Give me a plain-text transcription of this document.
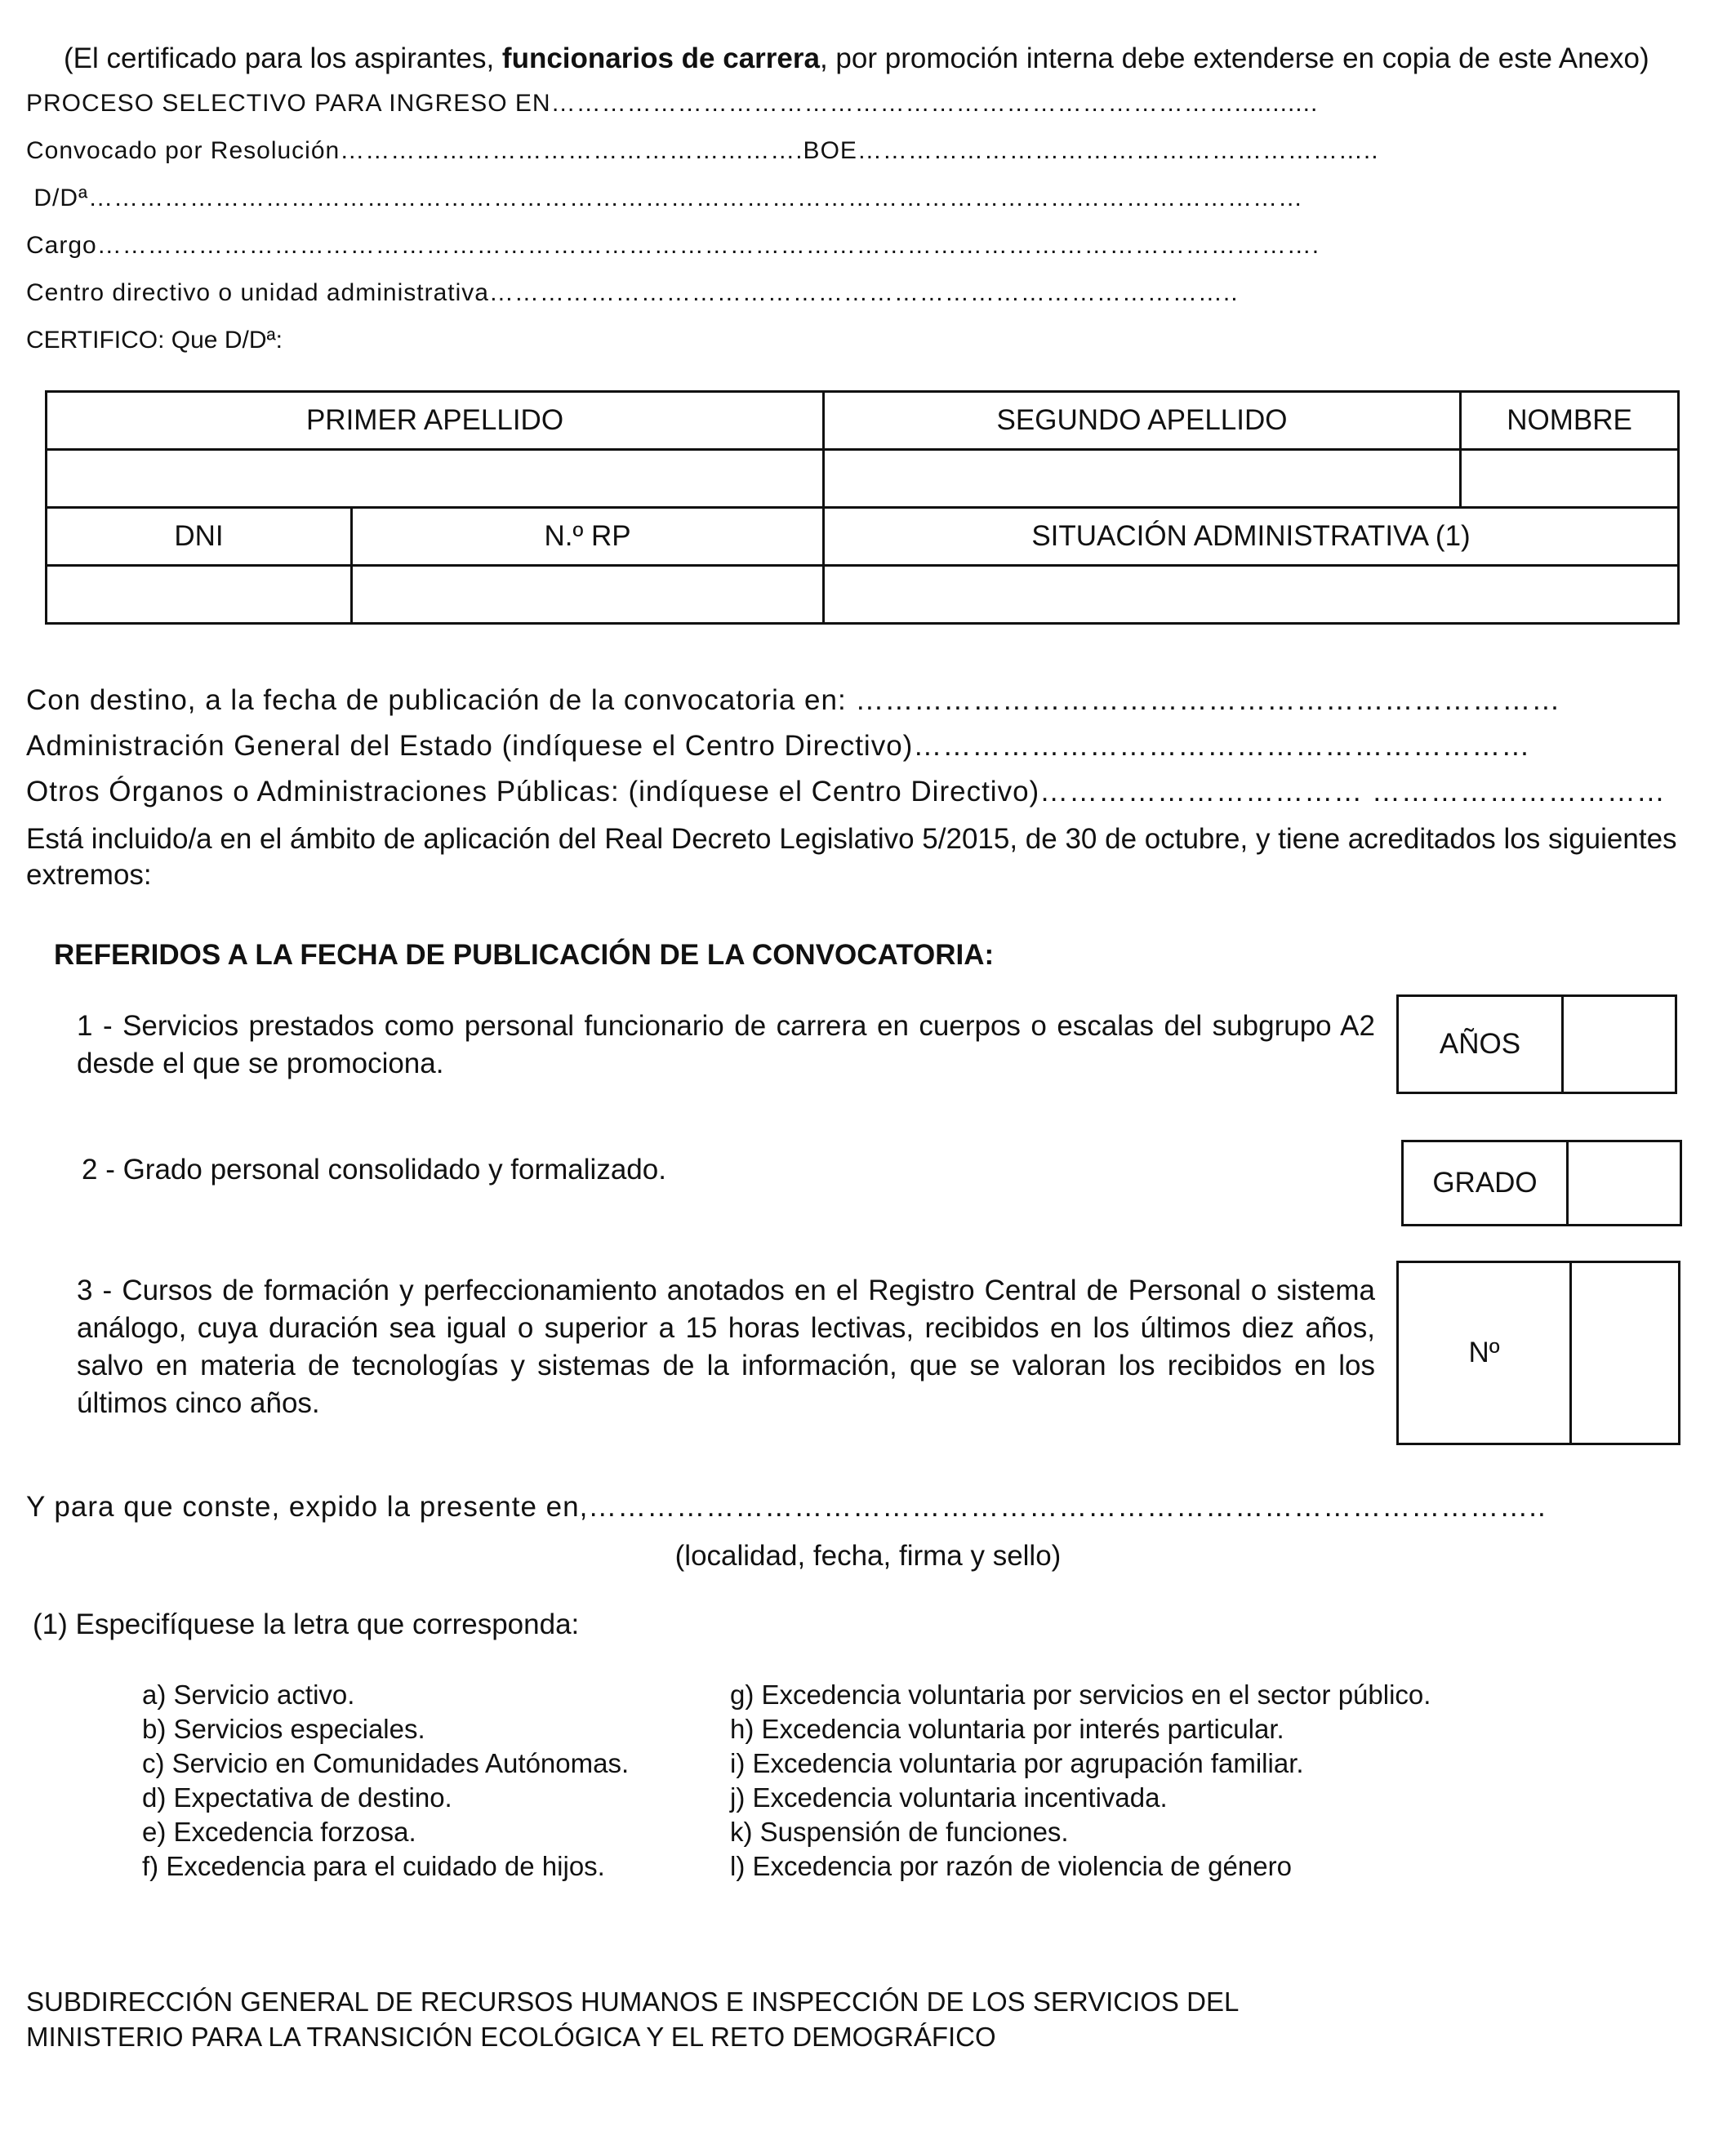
(El certificado para los aspirantes, funcionarios de carrera, por promoción interna debe extenderse en copia de este Anexo)
PROCESO SELECTIVO PARA INGRESO EN………………………………………………………………………...........
Convocado por Resolución……………………………………………….BOE……………………………………………………..
D/Dª………………………………………………………………………………………………………………………………
Cargo……………………………………………………………………………………………………………………………….
Centro directivo o unidad administrativa……………………………………………………………………………..
CERTIFICO: Que D/Dª:
PRIMER APELLIDO		SEGUNDO APELLIDO	NOMBRE

DNI	N.º RP	SITUACIÓN ADMINISTRATIVA (1)	

Con destino, a la fecha de publicación de la convocatoria en: ………………………………………………………………
Administración General del Estado (indíquese el Centro Directivo)………………………………………………………
Otros Órganos o Administraciones Públicas: (indíquese el Centro Directivo)…………………………… …………………………
Está incluido/a en el ámbito de aplicación del Real Decreto Legislativo 5/2015, de 30 de octubre, y tiene acreditados los siguientes extremos:
REFERIDOS A LA FECHA DE PUBLICACIÓN DE LA CONVOCATORIA:
1 - Servicios prestados como personal funcionario de carrera en cuerpos o escalas del subgrupo A2 desde el que se promociona.
AÑOS
2 - Grado personal consolidado y formalizado.	GRADO
3 - Cursos de formación y perfeccionamiento anotados en el Registro Central de Personal o sistema análogo, cuya duración sea igual o superior a 15 horas lectivas, recibidos en los últimos diez años, salvo en materia de tecnologías y sistemas de la información, que se valoran los recibidos en los últimos cinco años.
Nº
Y para que conste, expido la presente en,……………………………………………………………………………………..
(localidad, fecha, firma y sello)
(1) Especifíquese la letra que corresponda:
a) Servicio activo.
b) Servicios especiales.
c) Servicio en Comunidades Autónomas.
d) Expectativa de destino.
e) Excedencia forzosa.
f) Excedencia para el cuidado de hijos.
g) Excedencia voluntaria por servicios en el sector público.
h) Excedencia voluntaria por interés particular.
i) Excedencia voluntaria por agrupación familiar.
j) Excedencia voluntaria incentivada.
k) Suspensión de funciones.
l) Excedencia por razón de violencia de género
SUBDIRECCIÓN GENERAL DE RECURSOS HUMANOS E INSPECCIÓN DE LOS SERVICIOS DEL
MINISTERIO PARA LA TRANSICIÓN ECOLÓGICA Y EL RETO DEMOGRÁFICO
